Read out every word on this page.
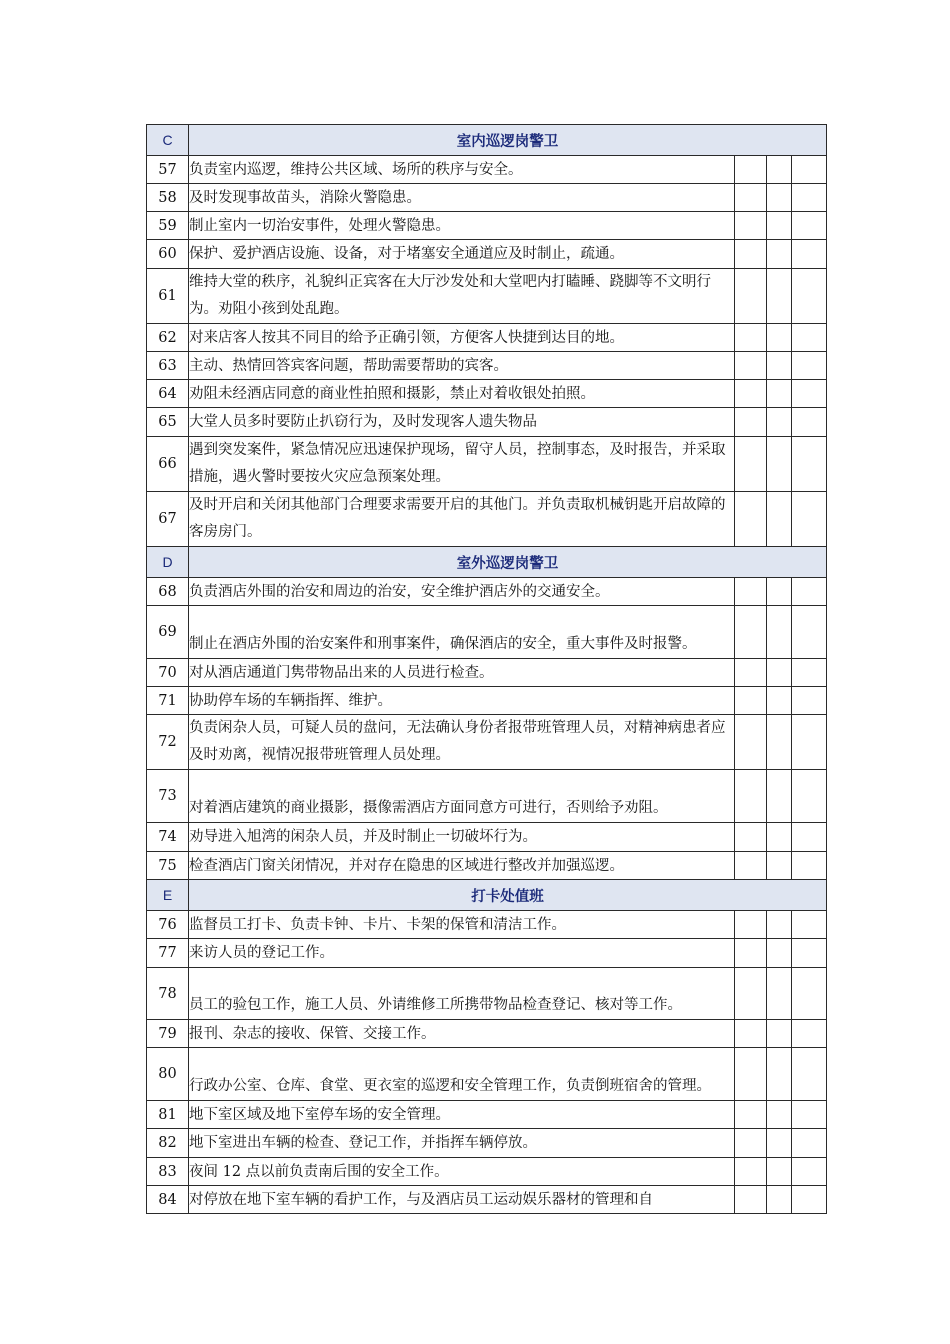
C	室内巡逻岗警卫			
57	负责室内巡逻，维持公共区域、场所的秩序与安全。			
58	及时发现事故苗头，消除火警隐患。			
59	制止室内一切治安事件，处理火警隐患。			
60	保护、爱护酒店设施、设备，对于堵塞安全通道应及时制止，疏通。			
61	维持大堂的秩序，礼貌纠正宾客在大厅沙发处和大堂吧内打瞌睡、跷脚等不文明行为。劝阻小孩到处乱跑。			
62	对来店客人按其不同目的给予正确引领，方便客人快捷到达目的地。			
63	主动、热情回答宾客问题，帮助需要帮助的宾客。			
64	劝阻未经酒店同意的商业性拍照和摄影，禁止对着收银处拍照。			
65	大堂人员多时要防止扒窃行为，及时发现客人遗失物品			
66	遇到突发案件，紧急情况应迅速保护现场，留守人员，控制事态，及时报告，并采取措施，遇火警时要按火灾应急预案处理。			
67	及时开启和关闭其他部门合理要求需要开启的其他门。并负责取机械钥匙开启故障的客房房门。			
D	室外巡逻岗警卫			
68	负责酒店外围的治安和周边的治安，安全维护酒店外的交通安全。			
69	制止在酒店外围的治安案件和刑事案件，确保酒店的安全，重大事件及时报警。			
70	对从酒店通道门隽带物品出来的人员进行检查。			
71	协助停车场的车辆指挥、维护。			
72	负责闲杂人员，可疑人员的盘问，无法确认身份者报带班管理人员，对精神病患者应及时劝离，视情况报带班管理人员处理。			
73	对着酒店建筑的商业摄影，摄像需酒店方面同意方可进行，否则给予劝阻。			
74	劝导进入旭湾的闲杂人员，并及时制止一切破坏行为。			
75	检查酒店门窗关闭情况，并对存在隐患的区域进行整改并加强巡逻。			
E	打卡处值班			
76	监督员工打卡、负责卡钟、卡片、卡架的保管和清洁工作。			
77	来访人员的登记工作。			
78	员工的验包工作，施工人员、外请维修工所携带物品检查登记、核对等工作。			
79	报刊、杂志的接收、保管、交接工作。			
80	行政办公室、仓库、食堂、更衣室的巡逻和安全管理工作，负责倒班宿舍的管理。			
81	地下室区域及地下室停车场的安全管理。			
82	地下室进出车辆的检查、登记工作，并指挥车辆停放。			
83	夜间 12 点以前负责南后围的安全工作。			
84	对停放在地下室车辆的看护工作，与及酒店员工运动娱乐器材的管理和自			
